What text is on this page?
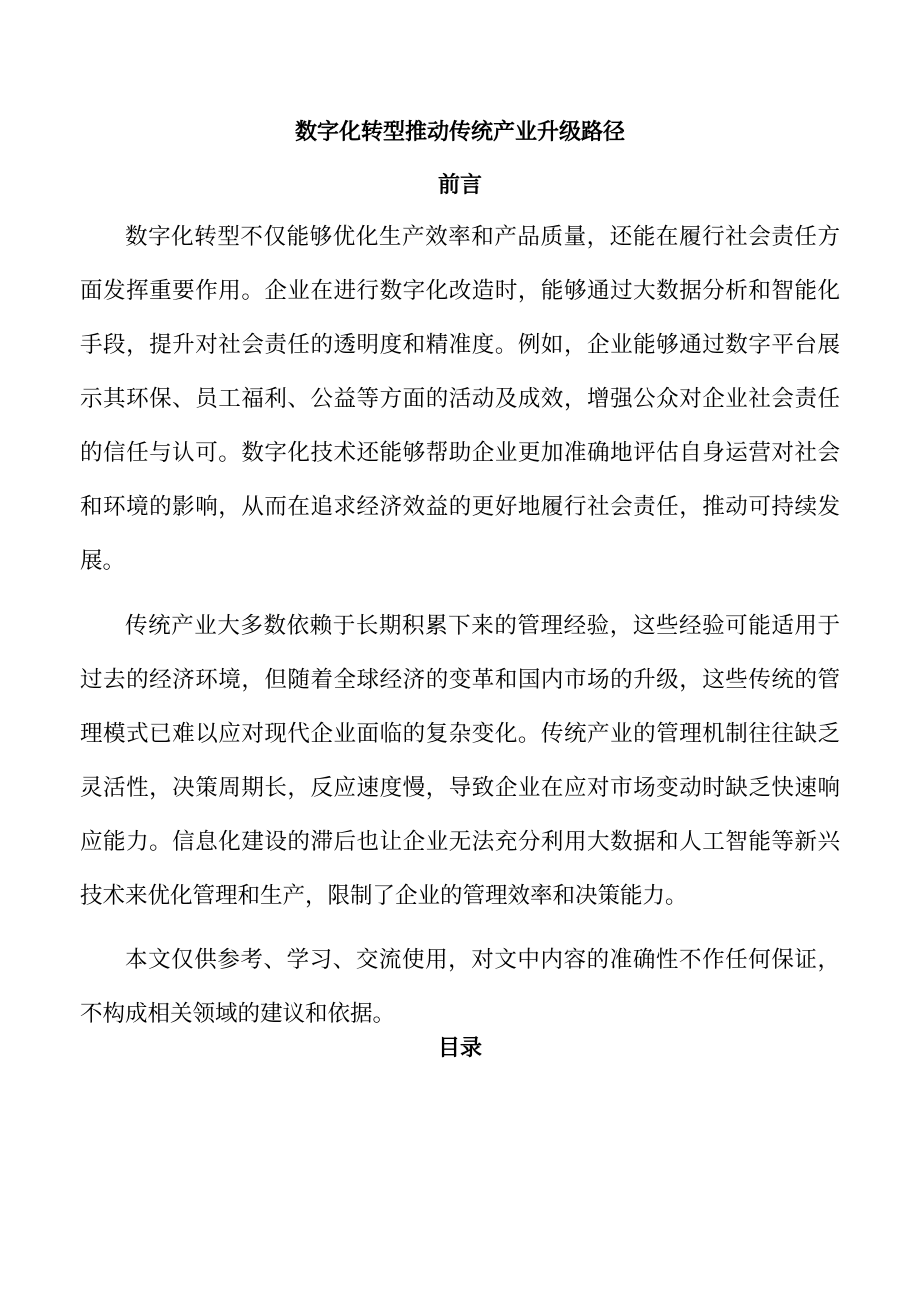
数字化转型推动传统产业升级路径
前言

数字化转型不仅能够优化生产效率和产品质量，还能在履行社会责任方面发挥重要作用。企业在进行数字化改造时，能够通过大数据分析和智能化手段，提升对社会责任的透明度和精准度。例如，企业能够通过数字平台展示其环保、员工福利、公益等方面的活动及成效，增强公众对企业社会责任的信任与认可。数字化技术还能够帮助企业更加准确地评估自身运营对社会和环境的影响，从而在追求经济效益的更好地履行社会责任，推动可持续发展。

传统产业大多数依赖于长期积累下来的管理经验，这些经验可能适用于过去的经济环境，但随着全球经济的变革和国内市场的升级，这些传统的管理模式已难以应对现代企业面临的复杂变化。传统产业的管理机制往往缺乏灵活性，决策周期长，反应速度慢，导致企业在应对市场变动时缺乏快速响应能力。信息化建设的滞后也让企业无法充分利用大数据和人工智能等新兴技术来优化管理和生产，限制了企业的管理效率和决策能力。

本文仅供参考、学习、交流使用，对文中内容的准确性不作任何保证，不构成相关领域的建议和依据。

目录
